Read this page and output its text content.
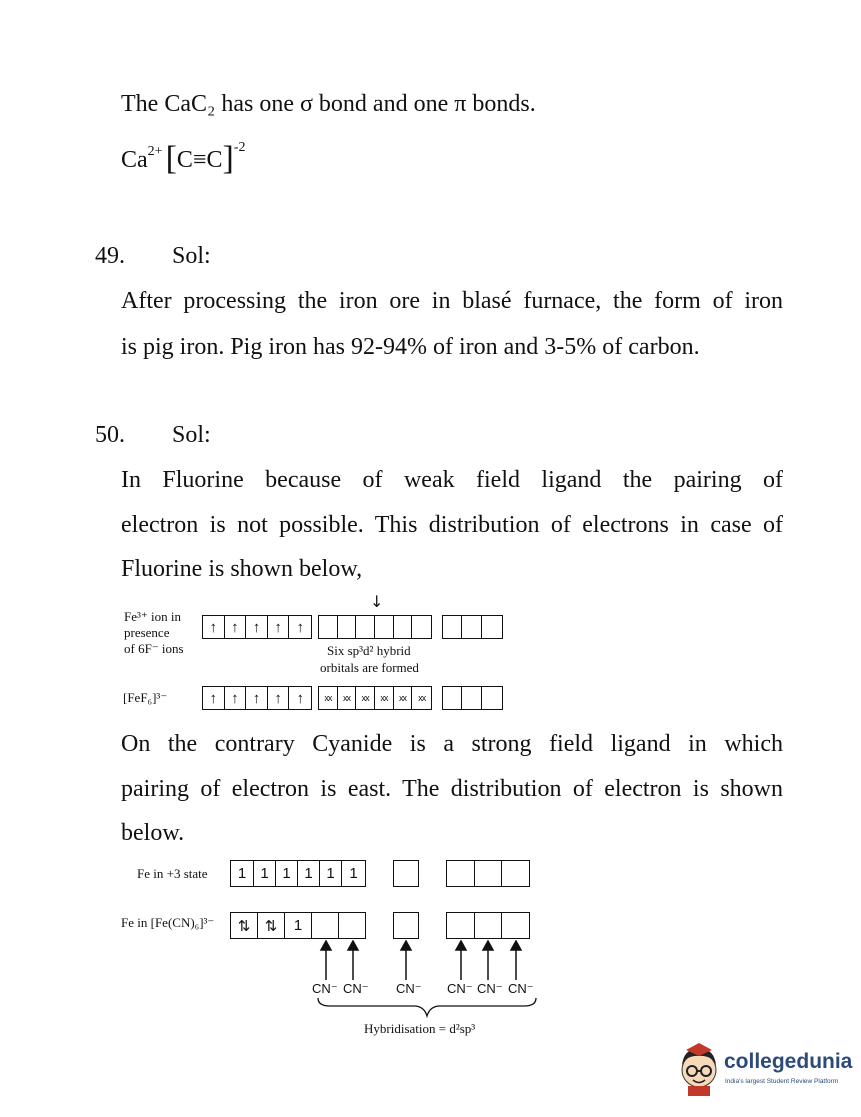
The CaC₂ has one σ bond and one π bonds.
$Ca^{2+}[C\equiv C]^{-2}$
49. Sol:
After processing the iron ore in blasé furnace, the form of iron
is pig iron. Pig iron has 92-94% of iron and 3-5% of carbon.
50. Sol:
In Fluorine because of weak field ligand the pairing of
electron is not possible. This distribution of electrons in case of
Fluorine is shown below,
Fe³⁺ ion in
presence
of 6F⁻ ions
↑ ↑ ↑ ↑ ↑
↓
Six sp³d² hybrid
orbitals are formed
[FeF₆]³⁻	↑ ↑ ↑ ↑ ↑	xx	xx	xx	xx	xx	xx
On the contrary Cyanide is a strong field ligand in which
pairing of electron is east. The distribution of electron is shown
below.
Fe in +3 state	1 1 1 1 1 1
Fe in [Fe(CN)₆]³⁻	⇅ ⇅	1
CN⁻ CN⁻ CN⁻ CN⁻ CN⁻ CN⁻
Hybridisation = d²sp³
collegedunia
India's largest Student Review Platform
